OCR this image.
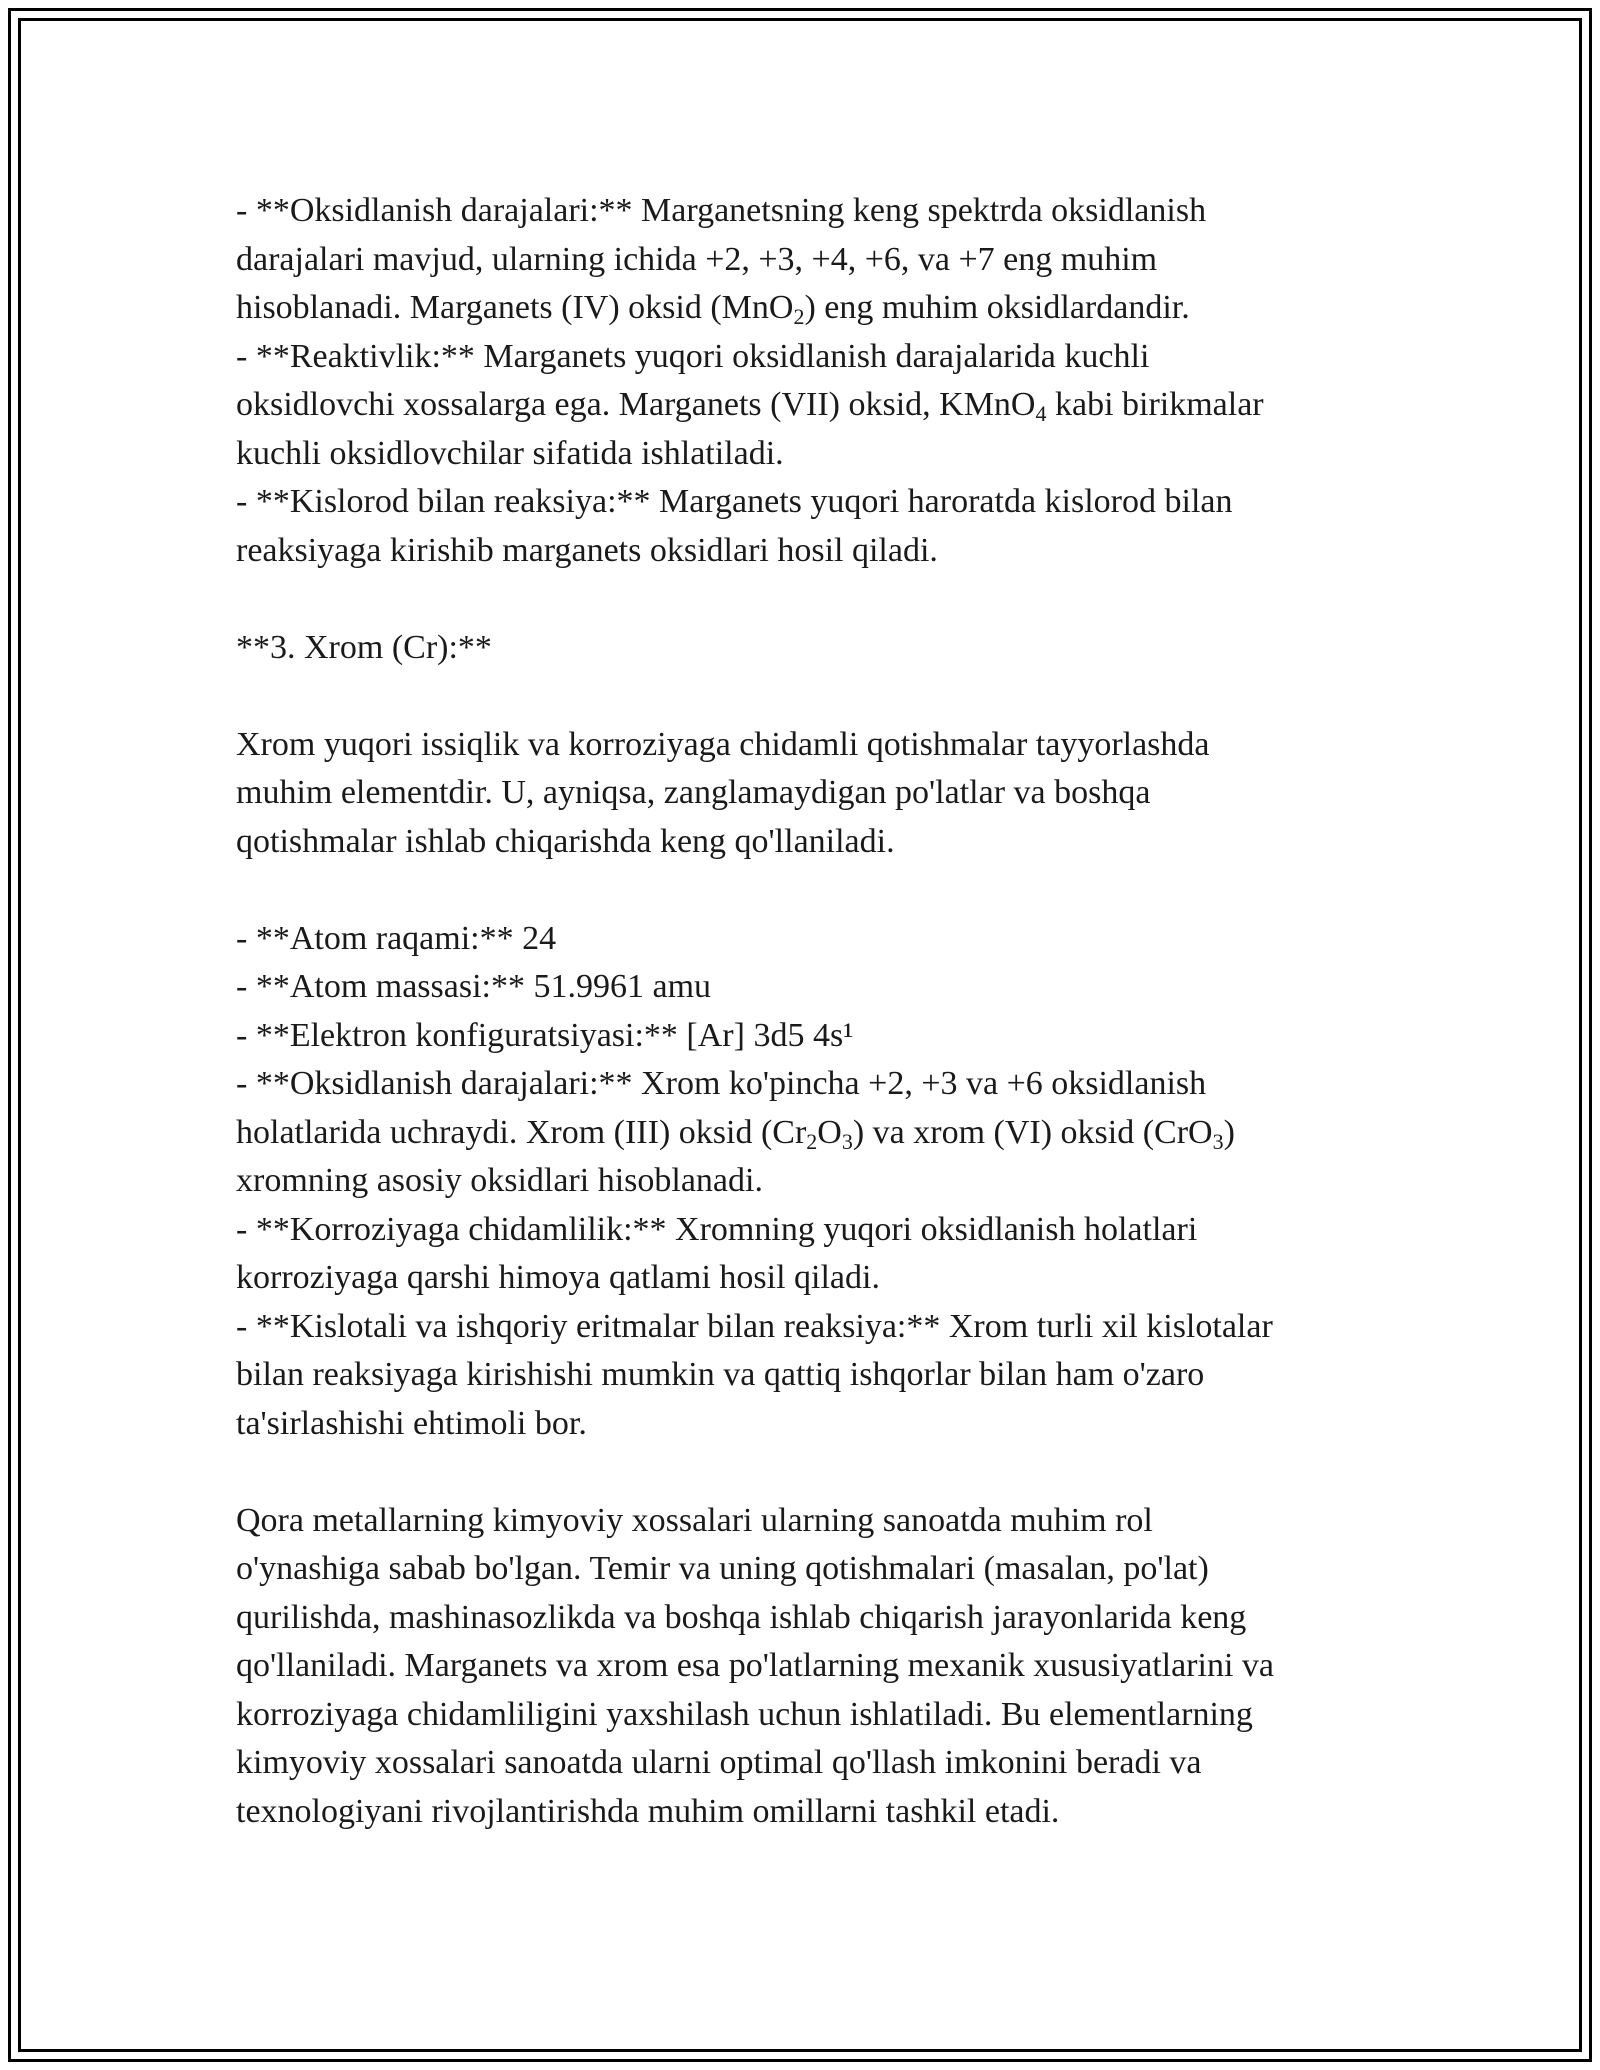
- **Oksidlanish darajalari:** Marganetsning keng spektrda oksidlanish
darajalari mavjud, ularning ichida +2, +3, +4, +6, va +7 eng muhim
hisoblanadi. Marganets (IV) oksid (MnO$_2$) eng muhim oksidlardandir.
- **Reaktivlik:** Marganets yuqori oksidlanish darajalarida kuchli
oksidlovchi xossalarga ega. Marganets (VII) oksid, KMnO$_4$ kabi birikmalar
kuchli oksidlovchilar sifatida ishlatiladi.
- **Kislorod bilan reaksiya:** Marganets yuqori haroratda kislorod bilan
reaksiyaga kirishib marganets oksidlari hosil qiladi.
**3. Xrom (Cr):**
Xrom yuqori issiqlik va korroziyaga chidamli qotishmalar tayyorlashda
muhim elementdir. U, ayniqsa, zanglamaydigan po'latlar va boshqa
qotishmalar ishlab chiqarishda keng qo'llaniladi.
- **Atom raqami:** 24
- **Atom massasi:** 51.9961 amu
- **Elektron konfiguratsiyasi:** [Ar] 3d5 4s¹
- **Oksidlanish darajalari:** Xrom ko'pincha +2, +3 va +6 oksidlanish
holatlarida uchraydi. Xrom (III) oksid $(Cr_2O_3)$ va xrom (VI) oksid (CrO$_3$)
xromning asosiy oksidlari hisoblanadi.
- **Korroziyaga chidamlilik:** Xromning yuqori oksidlanish holatlari
korroziyaga qarshi himoya qatlami hosil qiladi.
- **Kislotali va ishqoriy eritmalar bilan reaksiya:** Xrom turli xil kislotalar
bilan reaksiyaga kirishishi mumkin va qattiq ishqorlar bilan ham o'zaro
ta'sirlashishi ehtimoli bor.
Qora metallarning kimyoviy xossalari ularning sanoatda muhim rol
o'ynashiga sabab bo'lgan. Temir va uning qotishmalari (masalan, po'lat)
qurilishda, mashinasozlikda va boshqa ishlab chiqarish jarayonlarida keng
qo'llaniladi. Marganets va xrom esa po'latlarning mexanik xususiyatlarini va
korroziyaga chidamliligini yaxshilash uchun ishlatiladi. Bu elementlarning
kimyoviy xossalari sanoatda ularni optimal qo'llash imkonini beradi va
texnologiyani rivojlantirishda muhim omillarni tashkil etadi.
